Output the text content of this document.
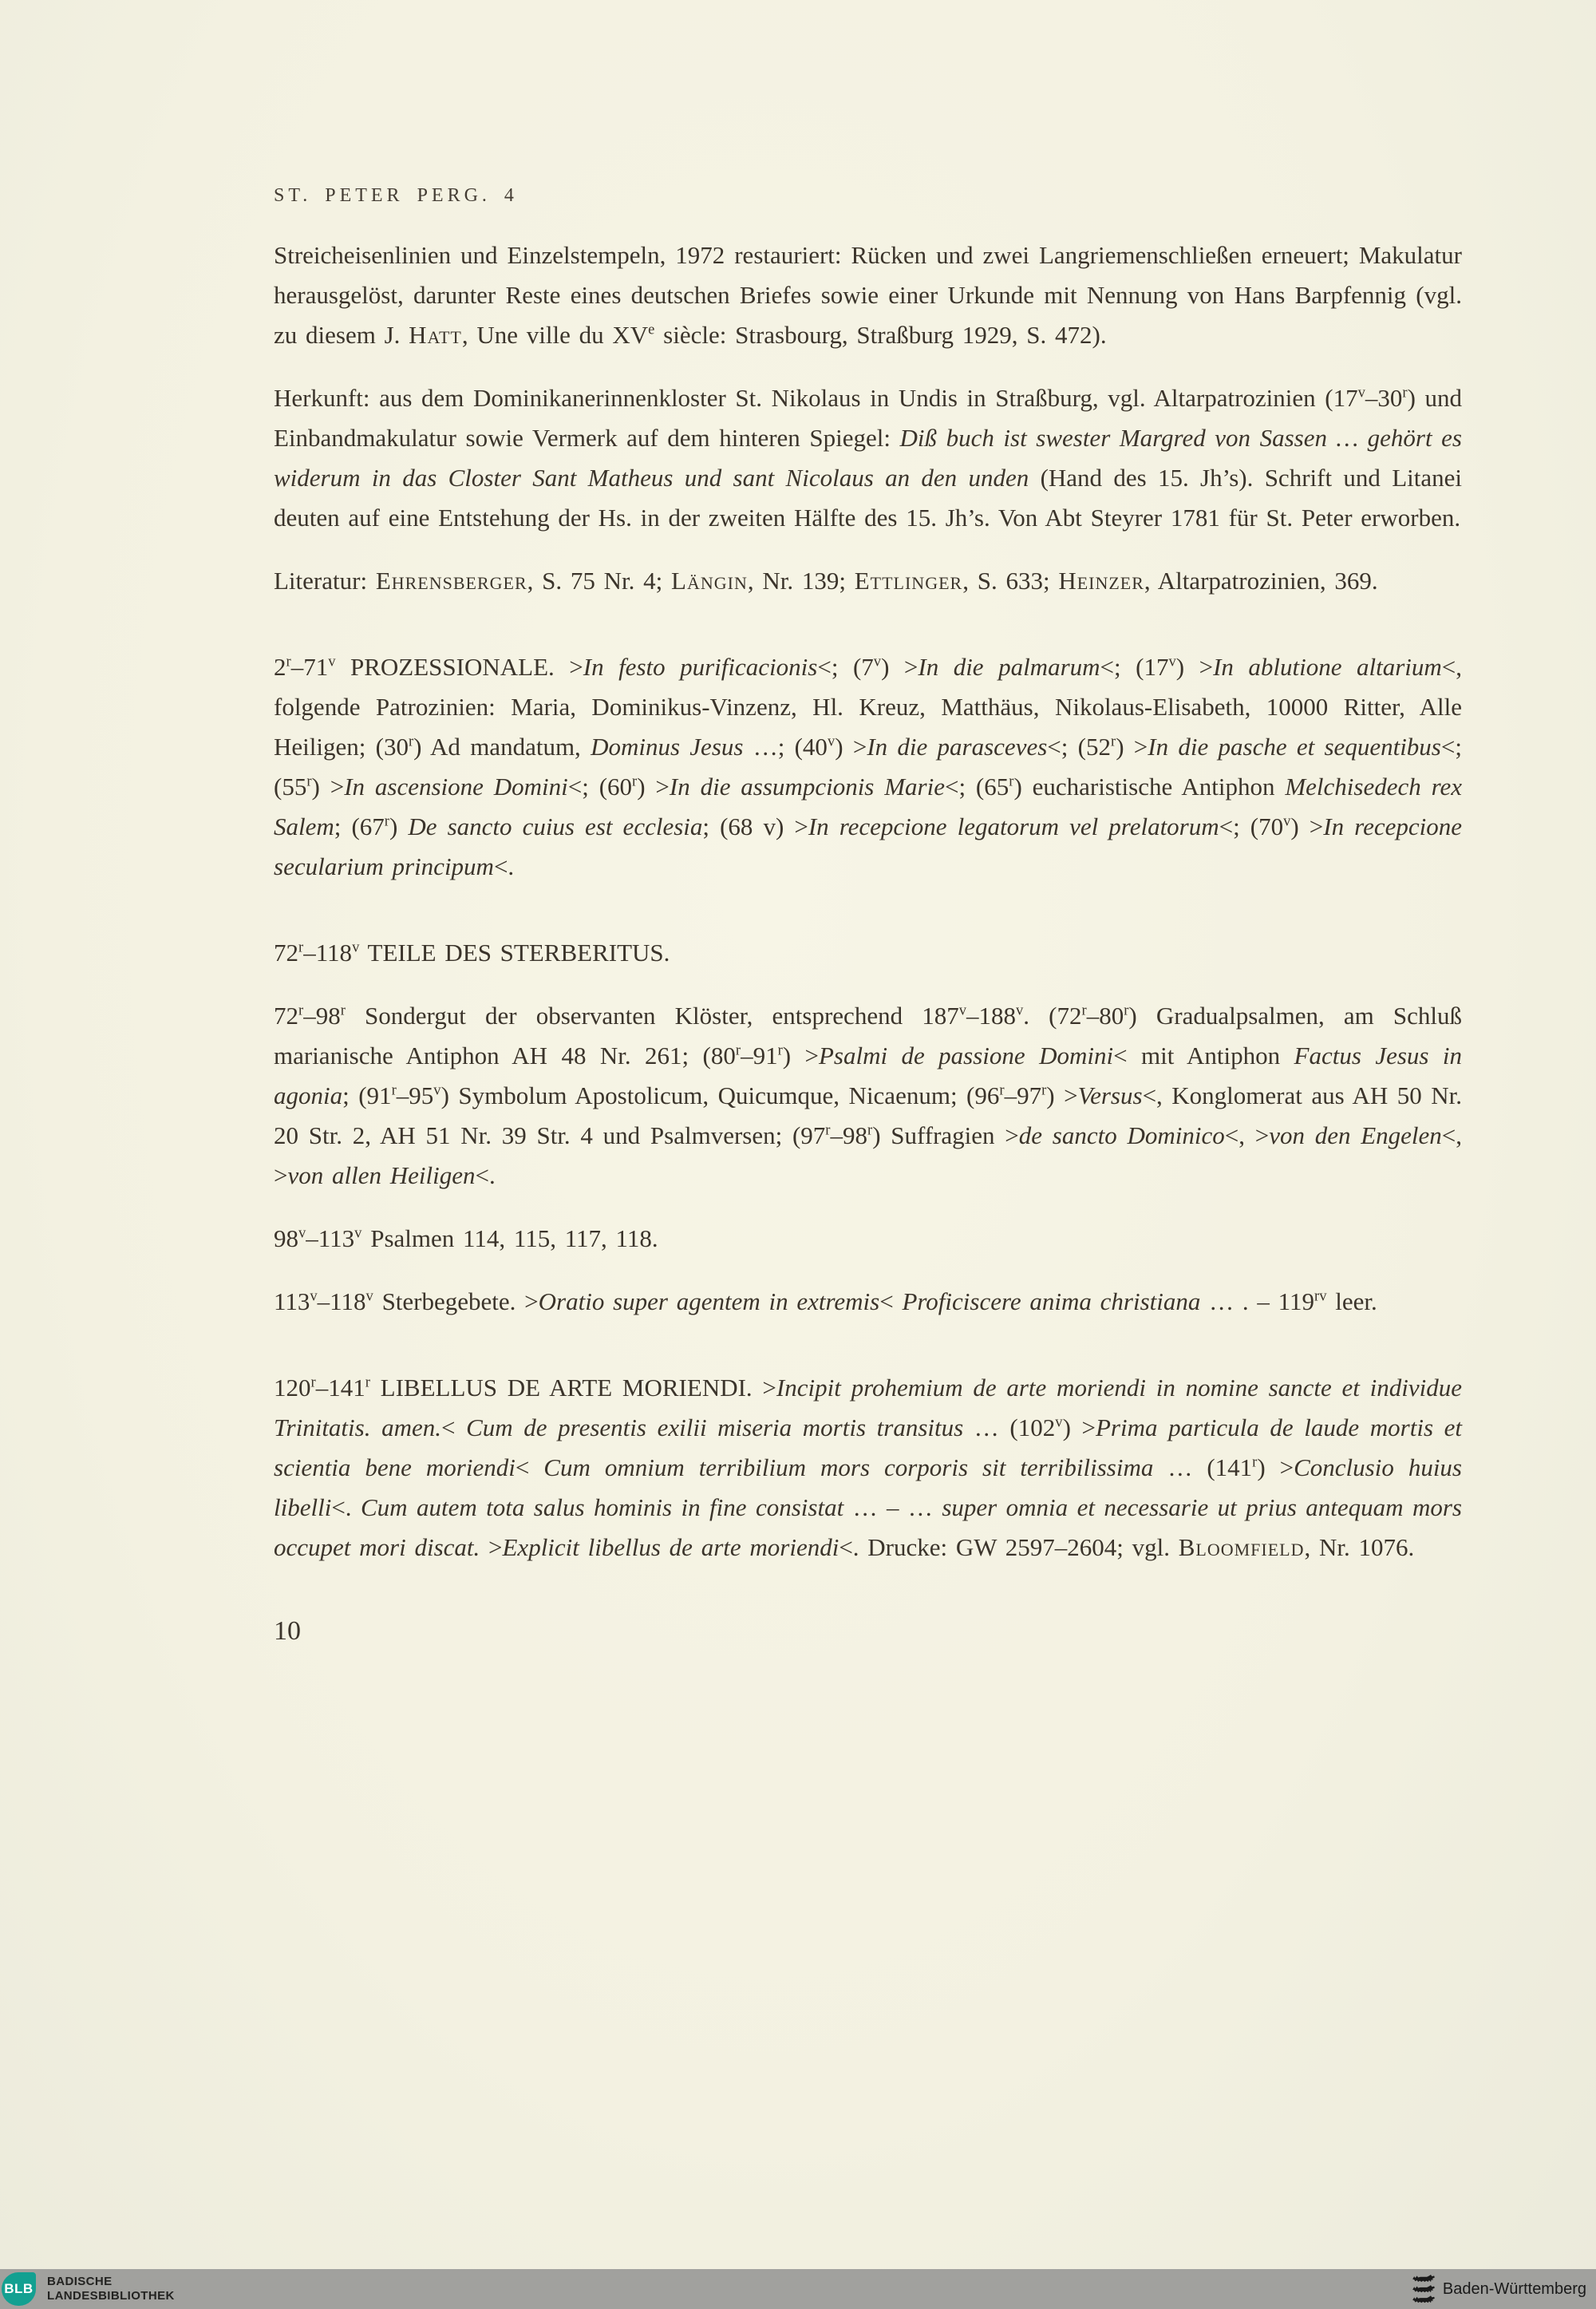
ST. PETER PERG. 4

Streicheisenlinien und Einzelstempeln, 1972 restauriert: Rücken und zwei Langriemenschließen erneuert; Makulatur herausgelöst, darunter Reste eines deutschen Briefes sowie einer Urkunde mit Nennung von Hans Barpfennig (vgl. zu diesem J. Hatt, Une ville du XVe siècle: Strasbourg, Straßburg 1929, S. 472).

Herkunft: aus dem Dominikanerinnenkloster St. Nikolaus in Undis in Straßburg, vgl. Altarpatrozinien (17$^v$–30$^r$) und Einbandmakulatur sowie Vermerk auf dem hinteren Spiegel: Diß buch ist swester Margred von Sassen … gehört es widerum in das Closter Sant Matheus und sant Nicolaus an den unden (Hand des 15. Jh’s). Schrift und Litanei deuten auf eine Entstehung der Hs. in der zweiten Hälfte des 15. Jh’s. Von Abt Steyrer 1781 für St. Peter erworben.

Literatur: Ehrensberger, S. 75 Nr. 4; Längin, Nr. 139; Ettlinger, S. 633; Heinzer, Altarpatrozinien, 369.

2$^r$–71$^v$ PROZESSIONALE. >In festo purificacionis<; $(7^v) >In$ die palmarum<; $(17^v) >In$ ablutione altarium<, folgende Patrozinien: Maria, Dominikus-Vinzenz, Hl. Kreuz, Matthäus, Nikolaus-Elisabeth, 10000 Ritter, Alle Heiligen; (30$^r$) Ad mandatum, Dominus Jesus …; $(40^v) >In$ die parasceves<; $(52^r) >In$ die pasche et sequentibus<; $(55^r) >In$ ascensione Domini<; $(60^r) >In$ die assumpcionis Marie<; (65$^r$) eucharistische Antiphon Melchisedech rex Salem; (67$^r$) De sancto cuius est ecclesia; (68 v) >In recepcione legatorum vel prelatorum<; $(70^v) >In$ recepcione secularium principum<.

72$^r$–118$^v$ TEILE DES STERBERITUS.

72$^r$–98$^r$ Sondergut der observanten Klöster, entsprechend 187$^v$–188$^v$. (72$^r$–80$^r$) Gradualpsalmen, am Schluß marianische Antiphon AH 48 Nr. 261; $(80^r-91^r)$ >Psalmi de passione Domini< mit Antiphon Factus Jesus in agonia; (91$^r$–95$^v$) Symbolum Apostolicum, Quicumque, Nicaenum; $(96^r-97^r)$ >Versus<, Konglomerat aus AH 50 Nr. 20 Str. 2, AH 51 Nr. 39 Str. 4 und Psalmversen; (97$^r$–98$^r$) Suffragien >de sancto Dominico<, >von den Engelen<, >von allen Heiligen<.

98$^v$–113$^v$ Psalmen 114, 115, 117, 118.

113$^v$–118$^v$ Sterbegebete. >Oratio super agentem in extremis< Proficiscere anima christiana … . – $119^{rv}$ leer.

120$^r$–141$^r$ LIBELLUS DE ARTE MORIENDI. >Incipit prohemium de arte moriendi in nomine sancte et individue Trinitatis. amen.< Cum de presentis exilii miseria mortis transitus … $(102^v)$ >Prima particula de laude mortis et scientia bene moriendi< Cum omnium terribilium mors corporis sit terribilissima … $(141^r)$ >Conclusio huius libelli<. Cum autem tota salus hominis in fine consistat … – … super omnia et necessarie ut prius antequam mors occupet mori discat. >Explicit libellus de arte moriendi<. Drucke: GW 2597–2604; vgl. Bloomfield, Nr. 1076.

10
BLB BADISCHE
LANDESBIBLIOTHEK	Baden-Württemberg
